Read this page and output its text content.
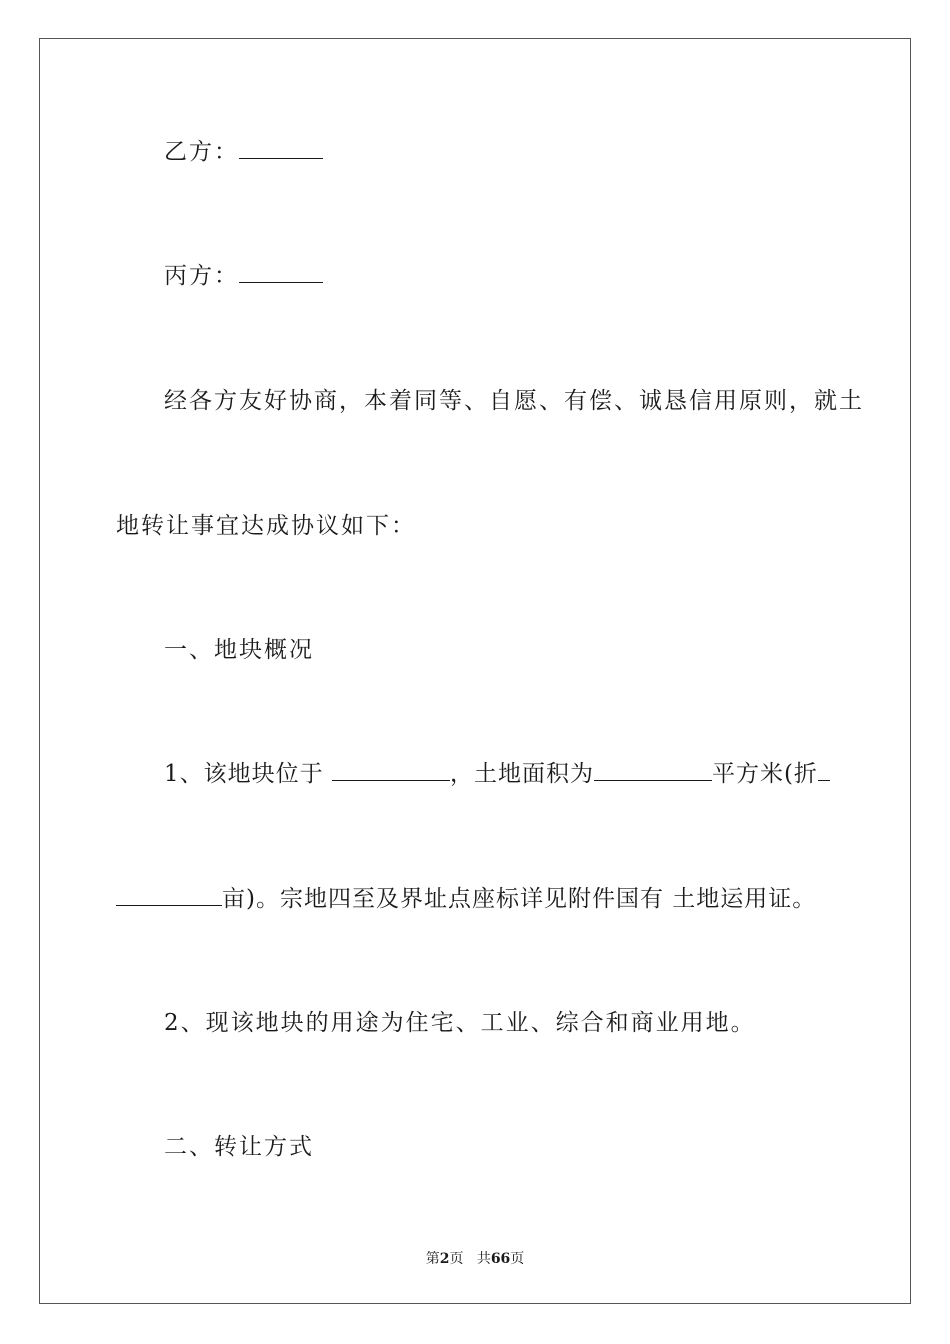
乙方：
丙方：
经各方友好协商，本着同等、自愿、有偿、诚恳信用原则，就土
地转让事宜达成协议如下：
一、地块概况
1、该地块位于	，土地面积为	平方米(折
亩)。宗地四至及界址点座标详见附件国有 土地运用证。
2、现该地块的用途为住宅、工业、综合和商业用地。
二、转让方式
第2页 共66页
